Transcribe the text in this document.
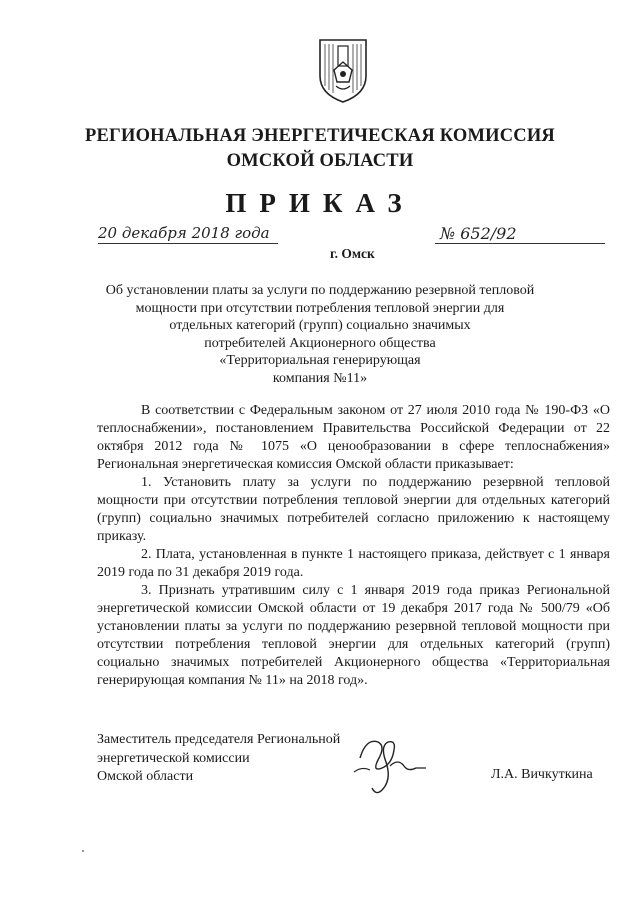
РЕГИОНАЛЬНАЯ ЭНЕРГЕТИЧЕСКАЯ КОМИССИЯ
ОМСКОЙ ОБЛАСТИ
ПРИКАЗ
20 декабря 2018 года
г. Омск
№ 652/92
Об установлении платы за услуги по поддержанию резервной тепловой
мощности при отсутствии потребления тепловой энергии для
отдельных категорий (групп) социально значимых
потребителей Акционерного общества
«Территориальная генерирующая
компания №11»

В соответствии с Федеральным законом от 27 июля 2010 года № 190-ФЗ «О теплоснабжении», постановлением Правительства Российской Федерации от 22 октября 2012 года № 1075 «О ценообразовании в сфере теплоснабжения» Региональная энергетическая комиссия Омской области приказывает:

1. Установить плату за услуги по поддержанию резервной тепловой мощности при отсутствии потребления тепловой энергии для отдельных категорий (групп) социально значимых потребителей согласно приложению к настоящему приказу.

2. Плата, установленная в пункте 1 настоящего приказа, действует с 1 января 2019 года по 31 декабря 2019 года.

3. Признать утратившим силу с 1 января 2019 года приказ Региональной энергетической комиссии Омской области от 19 декабря 2017 года № 500/79 «Об установлении платы за услуги по поддержанию резервной тепловой мощности при отсутствии потребления тепловой энергии для отдельных категорий (групп) социально значимых потребителей Акционерного общества «Территориальная генерирующая компания № 11» на 2018 год».

Заместитель председателя Региональной
энергетической комиссии
Омской области	Л.А. Вичкуткина
